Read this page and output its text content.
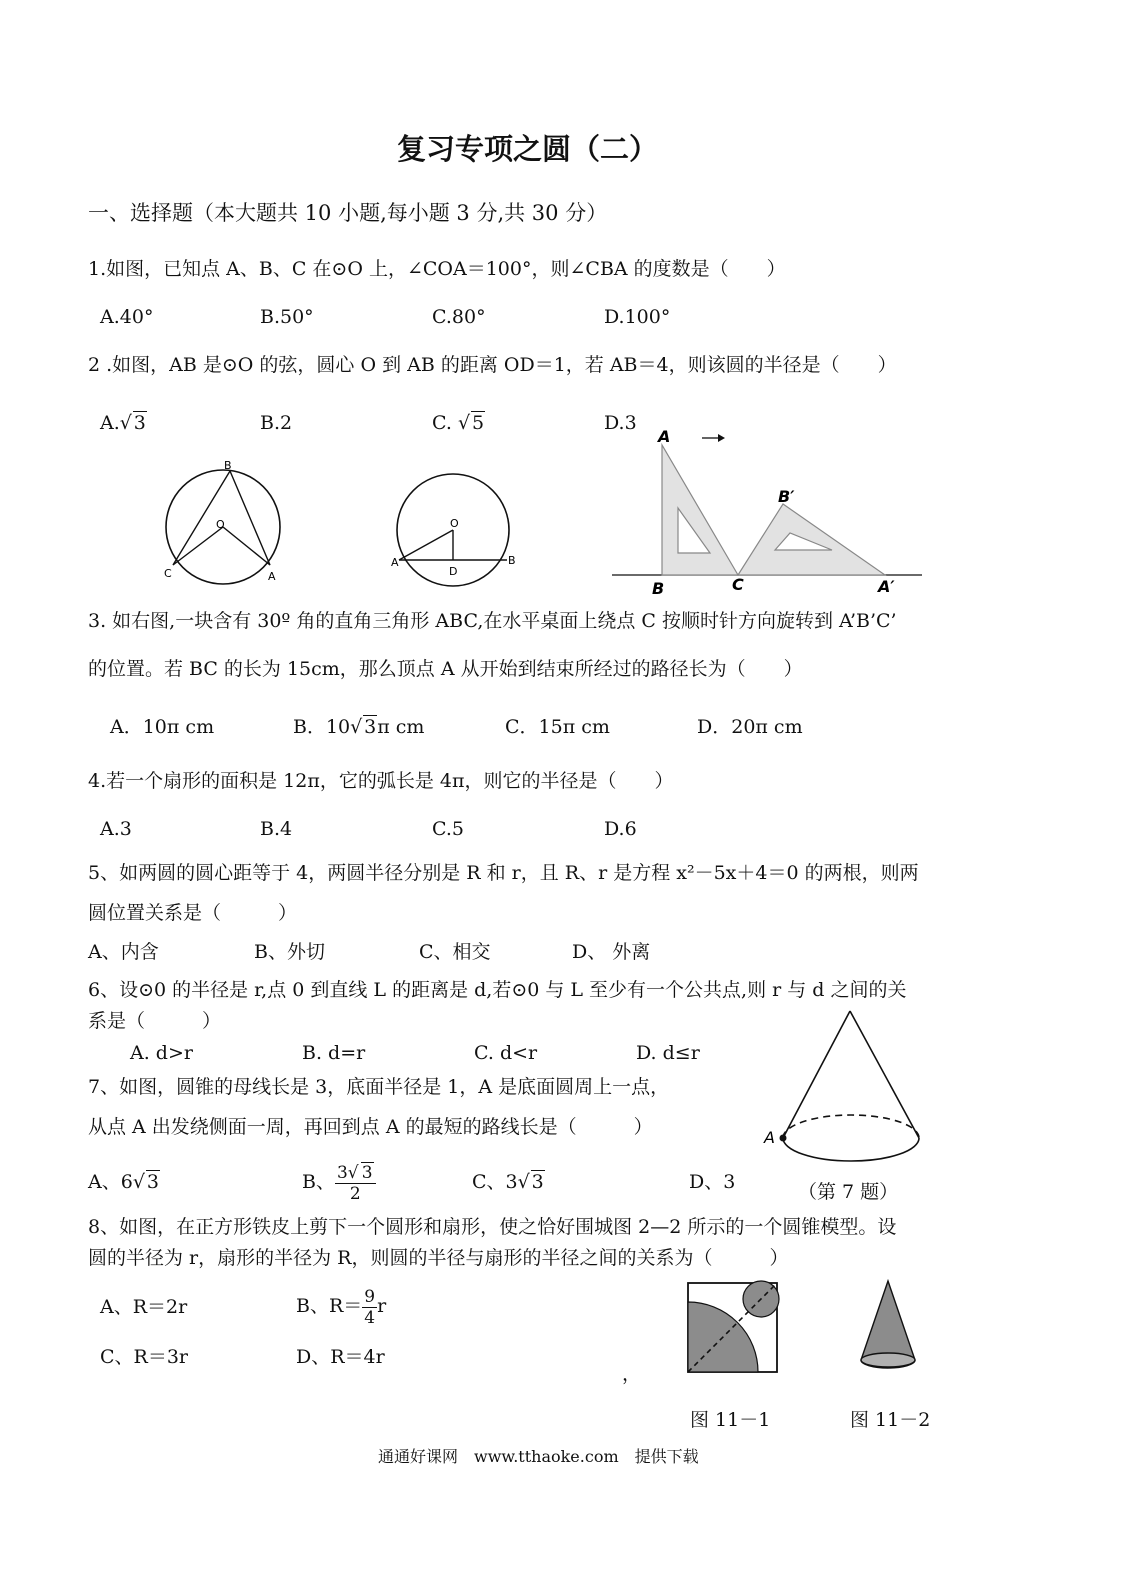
复习专项之圆（二）
一、选择题（本大题共 10 小题,每小题 3 分,共 30 分）
1.如图，已知点 A、B、C 在⊙O 上，∠COA＝100°，则∠CBA 的度数是（　　）
A.40°	B.50°	C.80°	D.100°
2 .如图，AB 是⊙O 的弦，圆心 O 到 AB 的距离 OD＝1，若 AB＝4，则该圆的半径是（　　）
A. √ 3	B.2	C. √ 5	D.3
B
O
C	A
O
A
D
B
A
B	C
B′
A′
3. 如右图,一块含有 30º 角的直角三角形 ABC,在水平桌面上绕点 C 按顺时针方向旋转到 A’B’C’
的位置。若 BC 的长为 15cm，那么顶点 A 从开始到结束所经过的路径长为（　　）
A．10π cm	B．10 √ 3π cm	C．15π cm	D．20π cm
4.若一个扇形的面积是 12π，它的弧长是 4π，则它的半径是（　　）
A.3	B.4	C.5	D.6
5、如两圆的圆心距等于 4，两圆半径分别是 R 和 r，且 R、r 是方程 x²－5x＋4＝0 的两根，则两
圆位置关系是（　　　）
A、内含	B、外切	C、相交	D、 外离
6、设⊙0 的半径是 r,点 0 到直线 L 的距离是 d,若⊙0 与 L 至少有一个公共点,则 r 与 d 之间的关
系是（　　　）
A. d>r	B. d=r	C. d<r	D. d≤r
A
（第 7 题）
7、如图，圆锥的母线长是 3，底面半径是 1，A 是底面圆周上一点，
从点 A 出发绕侧面一周，再回到点 A 的最短的路线长是（　　　）
A、6 √ 3	B、 $\frac{3 √ 3}{2}$	C、3 √ 3	D、3
8、如图，在正方形铁皮上剪下一个圆形和扇形，使之恰好围城图 2—2 所示的一个圆锥模型。设
圆的半径为 r，扇形的半径为 R，则圆的半径与扇形的半径之间的关系为（　　　）
A、R＝2r	B、$R= \frac{9}{4}$ r
C、R＝3r	D、R＝4r
，
图 11－1	图 11－2
通通好课网　www.tthaoke.com　提供下载
